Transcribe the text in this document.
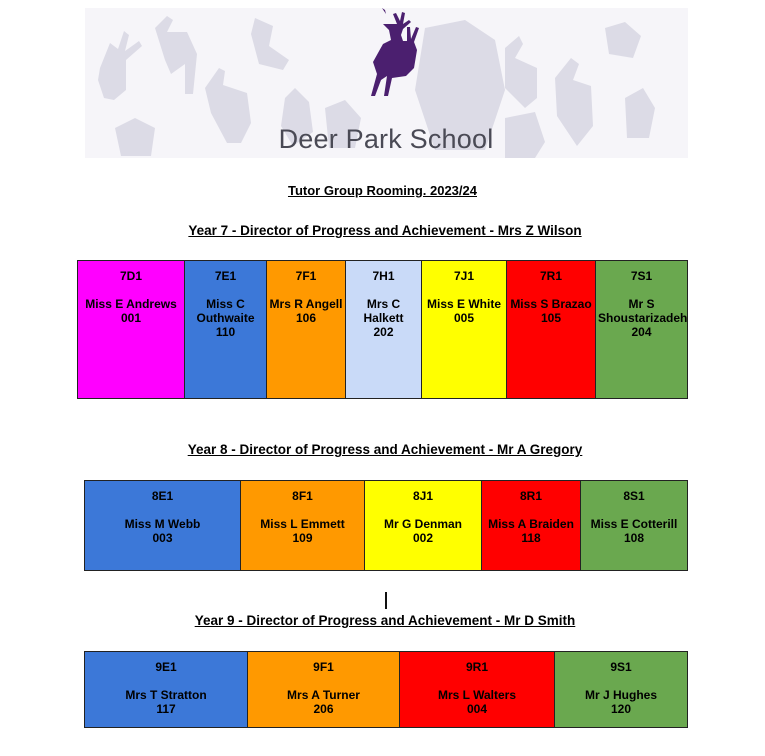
Deer Park School
Tutor Group Rooming. 2023/24
Year 7 - Director of Progress and Achievement - Mrs Z Wilson
7D1

Miss E Andrews
001

7E1

Miss C Outhwaite
110

7F1

Mrs R Angell
106

7H1

Mrs C Halkett
202

7J1

Miss E White
005

7R1

Miss S Brazao
105

7S1

Mr S Shoustarizadeh
204
Year 8 - Director of Progress and Achievement - Mr A Gregory
8E1

Miss M Webb
003

8F1

Miss L Emmett
109

8J1

Mr G Denman
002

8R1

Miss A Braiden
118

8S1

Miss E Cotterill
108
Year 9 - Director of Progress and Achievement - Mr D Smith
9E1

Mrs T Stratton
117

9F1

Mrs A Turner
206

9R1

Mrs L Walters
004

9S1

Mr J Hughes
120
